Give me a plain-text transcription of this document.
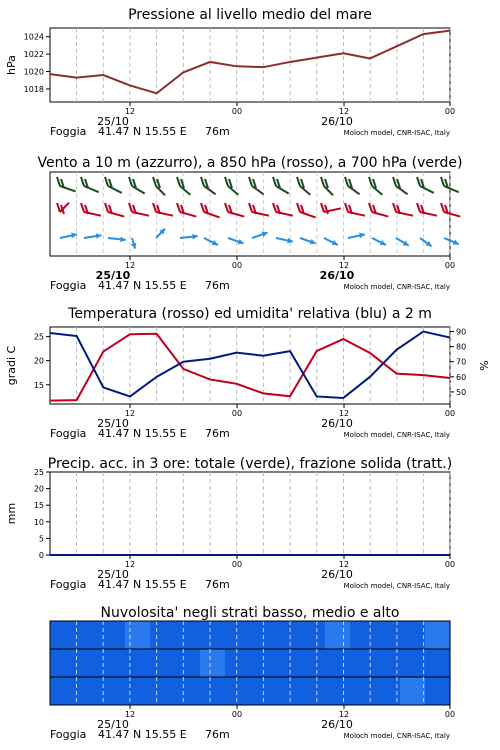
Pressione al livello medio del mare
1018
1020
1022
1024
hPa
12	00	12	00
25/10	26/10
Foggia 41.47 N 15.55 E 76m	Moloch model, CNR-ISAC, Italy
Vento a 10 m (azzurro), a 850 hPa (rosso), a 700 hPa (verde)
12	00	12	00
25/10	26/10
Foggia 41.47 N 15.55 E 76m	Moloch model, CNR-ISAC, Italy
Temperatura (rosso) ed umidita' relativa (blu) a 2 m
15
20
25
50
60
70
80
90
gradi C	%
12	00	12	00
25/10	26/10
Foggia 41.47 N 15.55 E 76m	Moloch model, CNR-ISAC, Italy
Precip. acc. in 3 ore: totale (verde), frazione solida (tratt.)
0
5
10
15
20
25
mm
12	00	12	00
25/10	26/10
Foggia 41.47 N 15.55 E 76m	Moloch model, CNR-ISAC, Italy
Nuvolosita' negli strati basso, medio e alto
12	00	12	00
25/10	26/10
Foggia 41.47 N 15.55 E 76m	Moloch model, CNR-ISAC, Italy
